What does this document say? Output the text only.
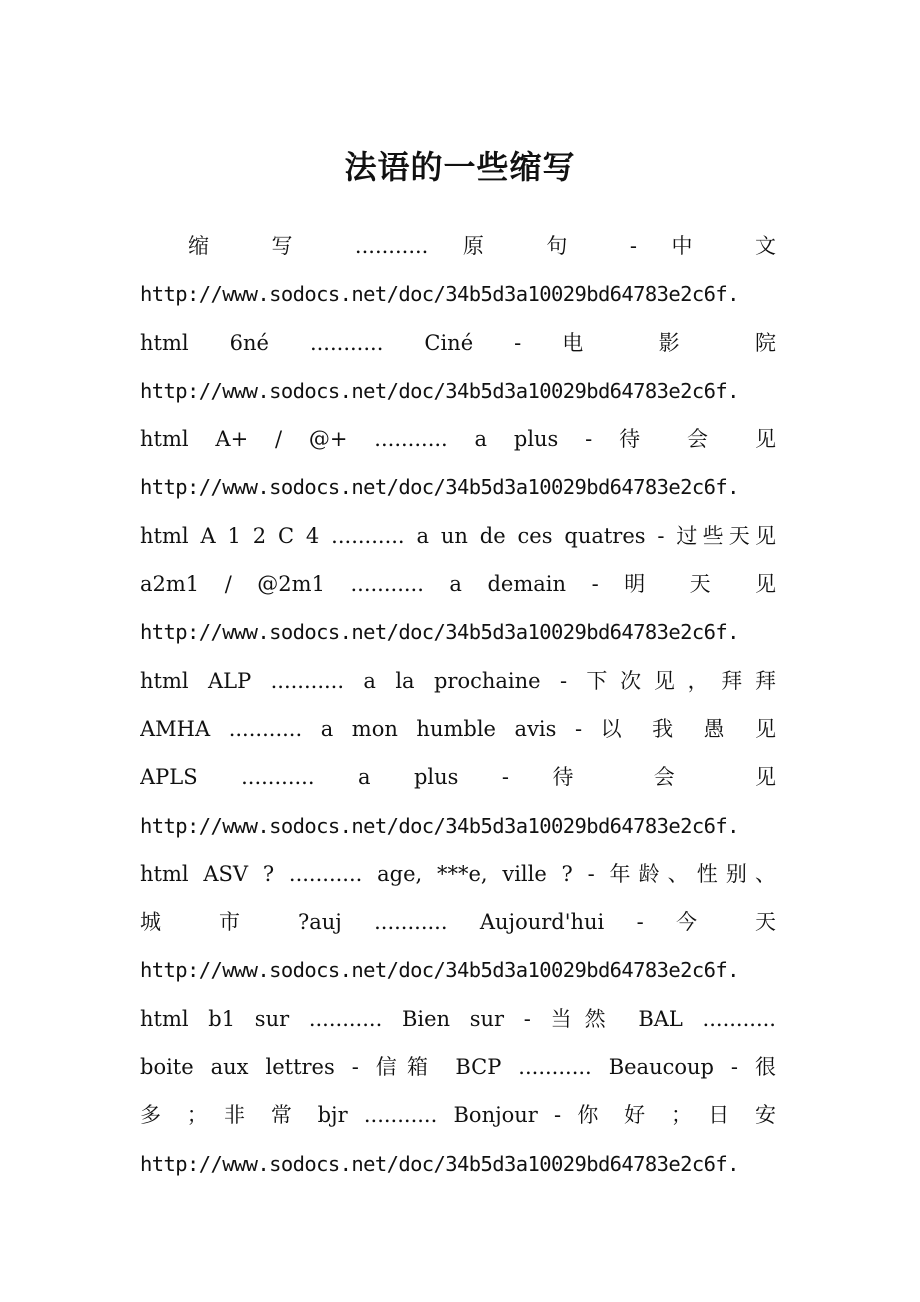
法语的一些缩写
缩 写 ........... 原 句 - 中 文
http://www.sodocs.net/doc/34b5d3a10029bd64783e2c6f.
html 6né ........... Ciné - 电 影 院
http://www.sodocs.net/doc/34b5d3a10029bd64783e2c6f.
html A+ / @+ ........... a plus - 待 会 见
http://www.sodocs.net/doc/34b5d3a10029bd64783e2c6f.
html A 1 2 C 4 ........... a un de ces quatres - 过些天见
a2m1 / @2m1 ........... a demain - 明 天 见
http://www.sodocs.net/doc/34b5d3a10029bd64783e2c6f.
html ALP ........... a la prochaine - 下次见，拜拜
AMHA ........... a mon humble avis - 以 我 愚 见
APLS ........... a plus - 待 会 见
http://www.sodocs.net/doc/34b5d3a10029bd64783e2c6f.
html ASV ? ........... age, ***e, ville ? - 年龄、性别、
城 市 ?auj ........... Aujourd'hui - 今 天
http://www.sodocs.net/doc/34b5d3a10029bd64783e2c6f.
html b1 sur ........... Bien sur - 当然 BAL ...........
boite aux lettres - 信箱 BCP ........... Beaucoup - 很
多 ； 非 常 bjr ........... Bonjour - 你 好 ； 日 安
http://www.sodocs.net/doc/34b5d3a10029bd64783e2c6f.
